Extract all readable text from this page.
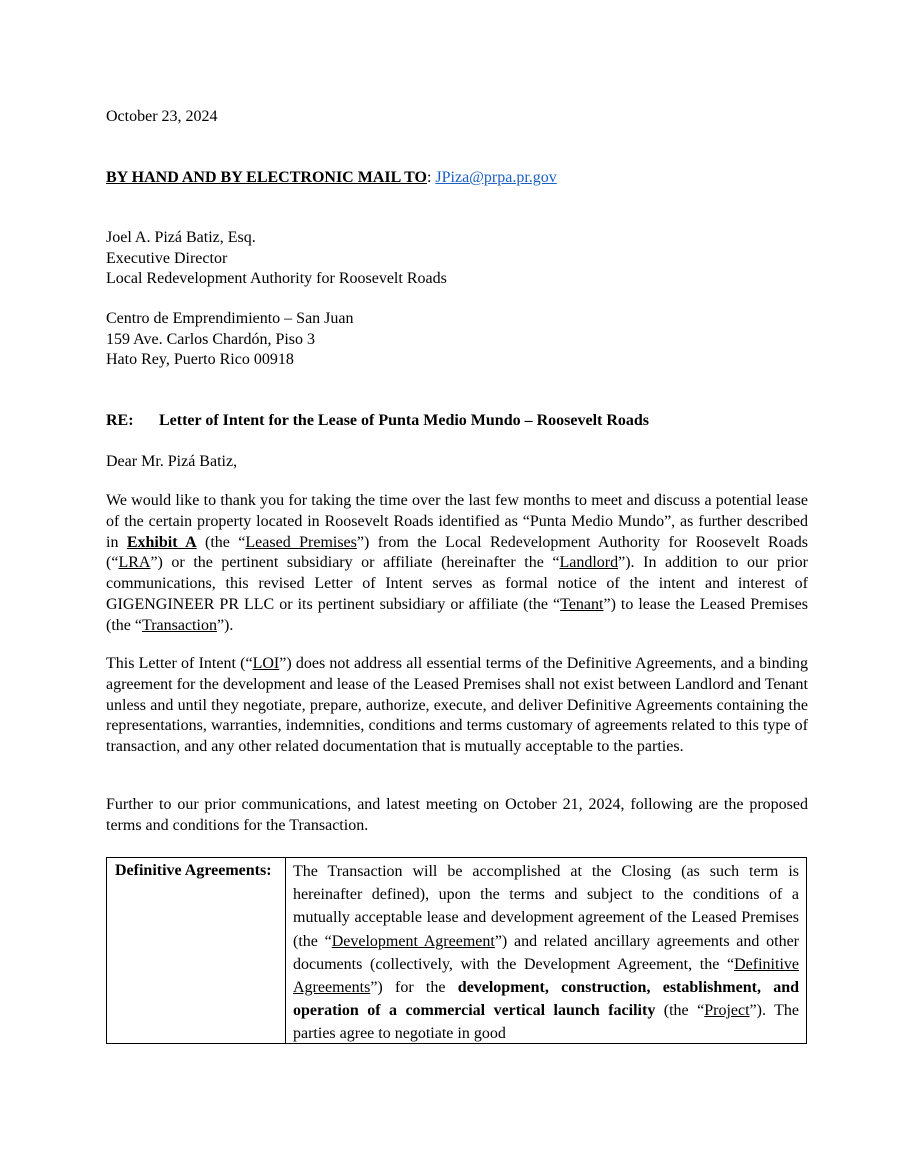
October 23, 2024
BY HAND AND BY ELECTRONIC MAIL TO: JPiza@prpa.pr.gov
Joel A. Pizá Batiz, Esq.
Executive Director
Local Redevelopment Authority for Roosevelt Roads
Centro de Emprendimiento – San Juan
159 Ave. Carlos Chardón, Piso 3
Hato Rey, Puerto Rico 00918
RE: Letter of Intent for the Lease of Punta Medio Mundo – Roosevelt Roads
Dear Mr. Pizá Batiz,
We would like to thank you for taking the time over the last few months to meet and discuss a potential lease of the certain property located in Roosevelt Roads identified as “Punta Medio Mundo”, as further described in Exhibit A (the “Leased Premises”) from the Local Redevelopment Authority for Roosevelt Roads (“LRA”) or the pertinent subsidiary or affiliate (hereinafter the “Landlord”). In addition to our prior communications, this revised Letter of Intent serves as formal notice of the intent and interest of GIGENGINEER PR LLC or its pertinent subsidiary or affiliate (the “Tenant”) to lease the Leased Premises (the “Transaction”).
This Letter of Intent (“LOI”) does not address all essential terms of the Definitive Agreements, and a binding agreement for the development and lease of the Leased Premises shall not exist between Landlord and Tenant unless and until they negotiate, prepare, authorize, execute, and deliver Definitive Agreements containing the representations, warranties, indemnities, conditions and terms customary of agreements related to this type of transaction, and any other related documentation that is mutually acceptable to the parties.
Further to our prior communications, and latest meeting on October 21, 2024, following are the proposed terms and conditions for the Transaction.
Definitive Agreements:	The Transaction will be accomplished at the Closing (as such term is hereinafter defined), upon the terms and subject to the conditions of a mutually acceptable lease and development agreement of the Leased Premises (the “Development Agreement”) and related ancillary agreements and other documents (collectively, with the Development Agreement, the “Definitive Agreements”) for the development, construction, establishment, and operation of a commercial vertical launch facility (the “Project”). The parties agree to negotiate in good
